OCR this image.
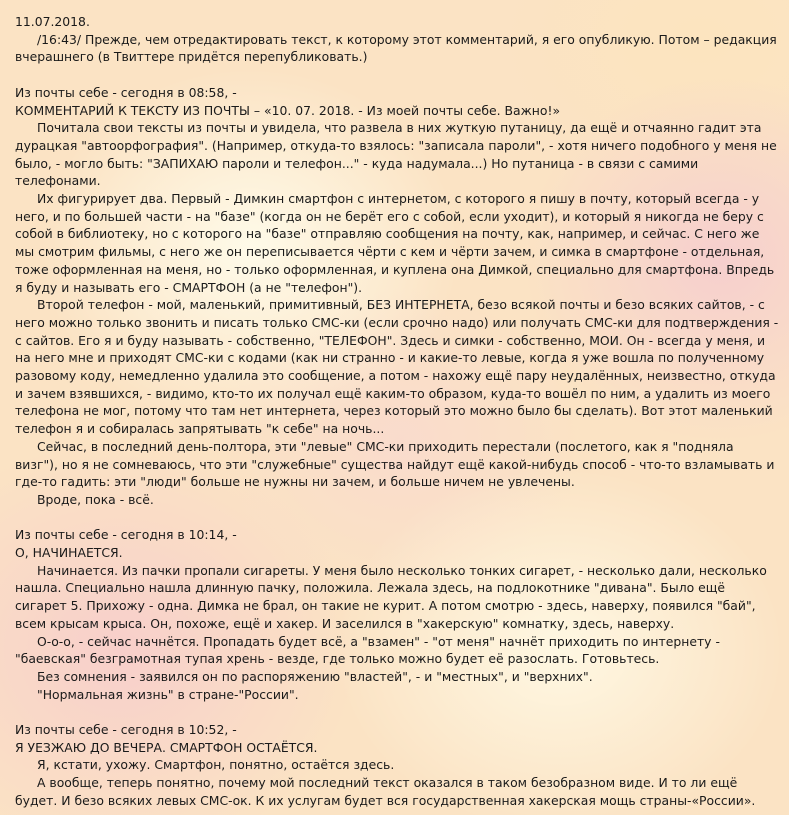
11.07.2018.

/16:43/ Прежде, чем отредактировать текст, к которому этот комментарий, я его опубликую. Потом – редакция вчерашнего (в Твиттере придётся перепубликовать.)

Из почты себе - сегодня в 08:58, -

КОММЕНТАРИЙ К ТЕКСТУ ИЗ ПОЧТЫ – «10. 07. 2018. - Из моей почты себе. Важно!»

Почитала свои тексты из почты и увидела, что развела в них жуткую путаницу, да ещё и отчаянно гадит эта дурацкая "автоорфография". (Например, откуда-то взялось: "записала пароли", - хотя ничего подобного у меня не было, - могло быть: "ЗАПИХАЮ пароли и телефон..." - куда надумала...) Но путаница - в связи с самими телефонами.

Их фигурирует два. Первый - Димкин смартфон с интернетом, с которого я пишу в почту, который всегда - у него, и по большей части - на "базе" (когда он не берёт его с собой, если уходит), и который я никогда не беру с собой в библиотеку, но с которого на "базе" отправляю сообщения на почту, как, например, и сейчас. С него же мы смотрим фильмы, с него же он переписывается чёрти с кем и чёрти зачем, и симка в смартфоне - отдельная, тоже оформленная на меня, но - только оформленная, и куплена она Димкой, специально для смартфона. Впредь я буду и называть его - СМАРТФОН (а не "телефон").

Второй телефон - мой, маленький, примитивный, БЕЗ ИНТЕРНЕТА, безо всякой почты и безо всяких сайтов, - с него можно только звонить и писать только СМС-ки (если срочно надо) или получать СМС-ки для подтверждения - с сайтов. Его я и буду называть - собственно, "ТЕЛЕФОН". Здесь и симки - собственно, МОИ. Он - всегда у меня, и на него мне и приходят СМС-ки с кодами (как ни странно - и какие-то левые, когда я уже вошла по полученному разовому коду, немедленно удалила это сообщение, а потом - нахожу ещё пару неудалённых, неизвестно, откуда и зачем взявшихся, - видимо, кто-то их получал ещё каким-то образом, куда-то вошёл по ним, а удалить из моего телефона не мог, потому что там нет интернета, через который это можно было бы сделать). Вот этот маленький телефон я и собиралась запрятывать "к себе" на ночь...

Сейчас, в последний день-полтора, эти "левые" СМС-ки приходить перестали (послетого, как я "подняла визг"), но я не сомневаюсь, что эти "служебные" существа найдут ещё какой-нибудь способ - что-то взламывать и где-то гадить: эти "люди" больше не нужны ни зачем, и больше ничем не увлечены.

Вроде, пока - всё.

Из почты себе - сегодня в 10:14, -

О, НАЧИНАЕТСЯ.

Начинается. Из пачки пропали сигареты. У меня было несколько тонких сигарет, - несколько дали, несколько нашла. Специально нашла длинную пачку, положила. Лежала здесь, на подлокотнике "дивана". Было ещё сигарет 5. Прихожу - одна. Димка не брал, он такие не курит. А потом смотрю - здесь, наверху, появился "бай", всем крысам крыса. Он, похоже, ещё и хакер. И заселился в "хакерскую" комнатку, здесь, наверху.

О-о-о, - сейчас начнётся. Пропадать будет всё, а "взамен" - "от меня" начнёт приходить по интернету - "баевская" безграмотная тупая хрень - везде, где только можно будет её разослать. Готовьтесь.

Без сомнения - заявился он по распоряжению "властей", - и "местных", и "верхних".

"Нормальная жизнь" в стране-"России".

Из почты себе - сегодня в 10:52, -

Я УЕЗЖАЮ ДО ВЕЧЕРА. СМАРТФОН ОСТАЁТСЯ.

Я, кстати, ухожу. Смартфон, понятно, остаётся здесь.

А вообще, теперь понятно, почему мой последний текст оказался в таком безобразном виде. И то ли ещё будет. И безо всяких левых СМС-ок. К их услугам будет вся государственная хакерская мощь страны-«России».
